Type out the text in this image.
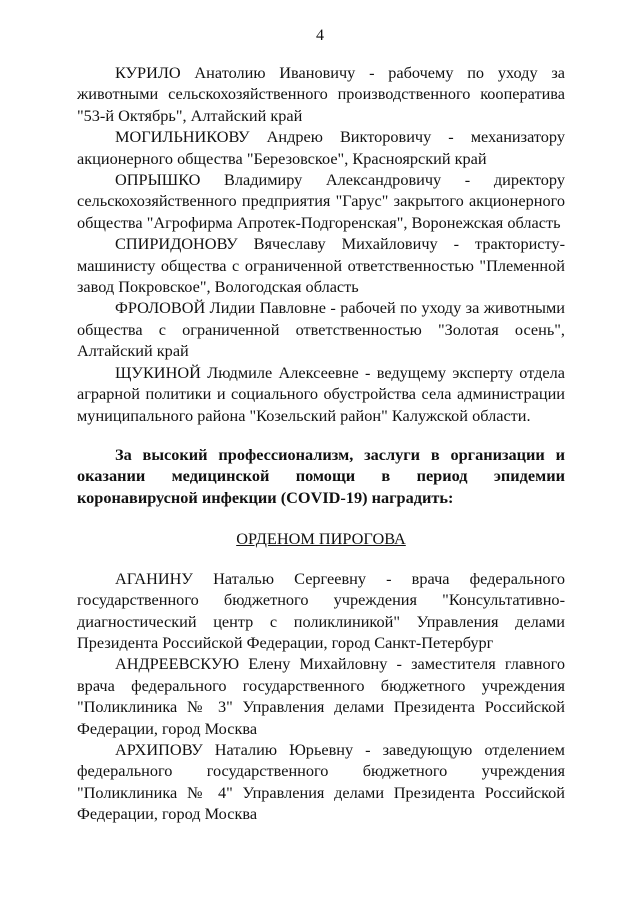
4

КУРИЛО Анатолию Ивановичу - рабочему по уходу за животными сельскохозяйственного производственного кооператива "53-й Октябрь", Алтайский край

МОГИЛЬНИКОВУ Андрею Викторовичу - механизатору акционерного общества "Березовское", Красноярский край

ОПРЫШКО Владимиру Александровичу - директору сельскохозяйственного предприятия "Гарус" закрытого акционерного общества "Агрофирма Апротек-Подгоренская", Воронежская область

СПИРИДОНОВУ Вячеславу Михайловичу - трактористу-машинисту общества с ограниченной ответственностью "Племенной завод Покровское", Вологодская область

ФРОЛОВОЙ Лидии Павловне - рабочей по уходу за животными общества с ограниченной ответственностью "Золотая осень", Алтайский край

ЩУКИНОЙ Людмиле Алексеевне - ведущему эксперту отдела аграрной политики и социального обустройства села администрации муниципального района "Козельский район" Калужской области.

За высокий профессионализм, заслуги в организации и оказании медицинской помощи в период эпидемии коронавирусной инфекции (COVID-19) наградить:

ОРДЕНОМ ПИРОГОВА

АГАНИНУ Наталью Сергеевну - врача федерального государственного бюджетного учреждения "Консультативно-диагностический центр с поликлиникой" Управления делами Президента Российской Федерации, город Санкт-Петербург

АНДРЕЕВСКУЮ Елену Михайловну - заместителя главного врача федерального государственного бюджетного учреждения "Поликлиника № 3" Управления делами Президента Российской Федерации, город Москва

АРХИПОВУ Наталию Юрьевну - заведующую отделением федерального государственного бюджетного учреждения "Поликлиника № 4" Управления делами Президента Российской Федерации, город Москва
